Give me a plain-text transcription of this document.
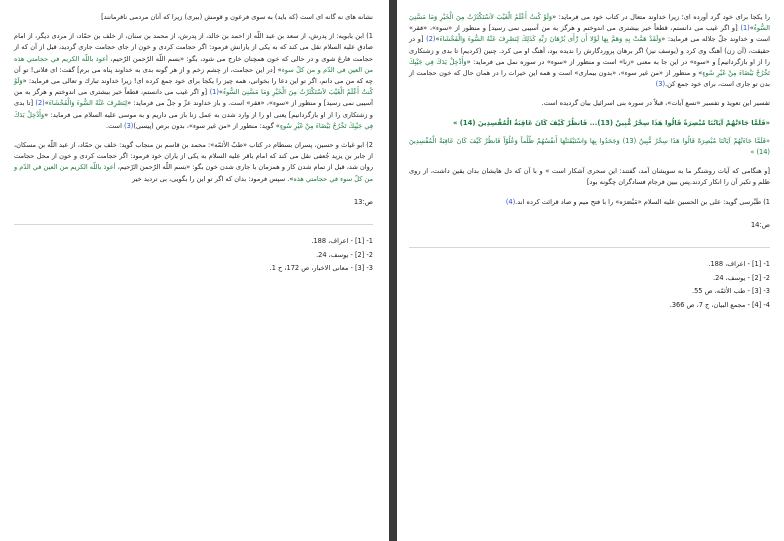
نشانه های نه گانه ای است (که بايد) به سوی فرعون و قومش (ببری) زيرا كه آنان مردمی نافرمانند]

1) ابن بابويه: از پدرش، از سعد بن عبد اللّه از احمد بن خالد، از پدرش، از محمد بن سنان، از خلف بن حمّاد، از مردی ديگر، از امام صادق عليه السلام نقل می كند كه به يكی از يارانش فرمود: اگر حجامت كردی و خون از جای حجامت جاری گرديد، قبل از آن كه از حجامت فارغ شوی و در حالی كه خون همچنان خارج می شود، بگو: «بسم اللّه الرّحمن الرّحيم، أعوذ باللّه الكريم في حجامتي هذه من العين في الدّم و من كلّ سوء» [در اين حجامت، از چشم زخم و از هر گونه بدی به خداوند پناه می برم] گفت: ای فلانی! تو آن چه كه من می دانم، اگر تو اين دعا را بخوانی، همه چيز را يكجا برای خود جمع كرده ای! زيرا خداوند تبارك و تعالی می فرمايد: «وَلَوْ كُنتُ أَعْلَمُ الْغَيْبَ لاَسْتَكْثَرْتُ مِنَ الْخَيْرِ وَمَا مَسَّنِيَ السُّوءُ»(1) [و اگر غيب می دانستم، قطعاً خير بيشتری می اندوختم و هرگز به من آسيبی نمی رسيد] و منظور از «سوء»، «فقر» است. و باز خداوند عزّ و جلّ می فرمايد: «لِنَصْرِفَ عَنْهُ السُّوءَ وَالْفَحْشَاءَ»(2) [تا بدی و زشتكاری را از او بازگردانيم] يعنی او را از وارد شدن به عمل زنا باز می داريم و به موسی عليه السلام می فرمايد: «وَأَدْخِلْ يَدَكَ فِي جَيْبِكَ تَخْرُجْ بَيْضَاءَ مِنْ غَيْرِ سُوءٍ» گويد: منظور از «من غير سوء»، بدون برص (پيسی)(3) است.

2) ابو غياث و حسين، پسران بسطام در كتاب «طبّ الأئمّه»: محمد بن قاسم بن منجاب گويد: خلف بن حمّاد، از عبد اللّه بن مسكان، از جابر بن يزيد جُعفی نقل می كند كه امام باقر عليه السلام به يكی از ياران خود فرمود: اگر حجامت كردی و خون از محل حجامت روان شد، قبل از تمام شدن كار و همزمان با جاری شدن خون بگو: «بسم اللّه الرّحمن الرّحيم، أعوذ باللّه الكريم من العين في الدّم و من كلّ سوء في حجامتي هذه». سپس فرمود: بدان كه اگر تو اين را بگويی، بی ترديد خير

ص:13
1- [1] - اعراف، 188.
2- [2] - يوسف، 24.
3- [3] - معانی الاخبار، ص 172، ح 1.

را يكجا برای خود گرد آورده ای؛ زيرا خداوند متعال در كتاب خود می فرمايد: «وَلَوْ كُنتُ أَعْلَمُ الْغَيْبَ لاَسْتَكْثَرْتُ مِنَ الْخَيْرِ وَمَا مَسَّنِيَ السُّوءُ»(1) [و اگر غيب می دانستم، قطعاً خير بيشتری می اندوختم و هرگز به من آسيبی نمی رسيد] و منظور از «سوء»، «فقر» است و خداوند جلّ جلاله می فرمايد: «وَلَقَدْ هَمَّتْ بِهِ وَهَمَّ بِهَا لَوْلا أَن رَّأَى بُرْهَانَ رَبِّهِ كَذَلِكَ لِنَصْرِفَ عَنْهُ السُّوءَ وَالْفَحْشَاءَ»(2) [و در حقيقت، (آن زن) آهنگ وی كرد و (يوسف نيز) اگر برهان پروردگارش را نديده بود، آهنگ او می كرد. چنين (كرديم) تا بدی و زشتكاری را از او بازگردانيم] و «سوء» در اين جا به معنی «زنا» است و منظور از «سوء» در سوره نمل می فرمايد: «وَأَدْخِلْ يَدَكَ فِي جَيْبِكَ تَخْرُجْ بَيْضَاءَ مِنْ غَيْرِ سُوءٍ» و منظور از «من غير سوء»، «بدون بيماری» است و همه اين خيرات را در همان حال كه خون حجامت از بدن تو جاری است، برای خود جمع كن.(3)

تفسير اين تعويذ و تفسير «تسع آيات»، قبلاً در سوره بنی اسرائيل بيان گرديده است.

«فَلَمَّا جَاءَتْهُمْ آيَاتُنَا مُبْصِرَةً قَالُوا هَذَا سِحْرٌ مُّبِينٌ (13)... فَانظُرْ كَيْفَ كَانَ عَاقِبَةُ الْمُفْسِدِينَ (14) »

«فَلَمَّا جَاءَتْهُمْ آيَاتُنَا مُبْصِرَةً قَالُوا هَذَا سِحْرٌ مُّبِينٌ (13) وَجَحَدُوا بِهَا وَاسْتَيْقَنَتْهَا أَنفُسُهُمْ ظُلْماً وَعُلُوّاً فَانظُرْ كَيْفَ كَانَ عَاقِبَةُ الْمُفْسِدِينَ (14) »

[و هنگامی كه آيات روشنگر ما به سويشان آمد، گفتند: اين سحری آشكار است » و با آن كه دل هايشان بدان يقين داشت، از روی ظلم و تكبر آن را انكار كردند.پس ببين فرجام فسادگران چگونه بود]

1) طَبْرسی گويد: علی بن الحسين عليه السلام «مَبْصَرَه» را با فتح ميم و صاد قرائت كرده اند.(4)

ص:14
1- [1] - اعراف، 188.
2- [2] - يوسف، 24.
3- [3] - طب الأئمّه، ص 55.
4- [4] - مجمع البيان، ج 7، ص 366.
